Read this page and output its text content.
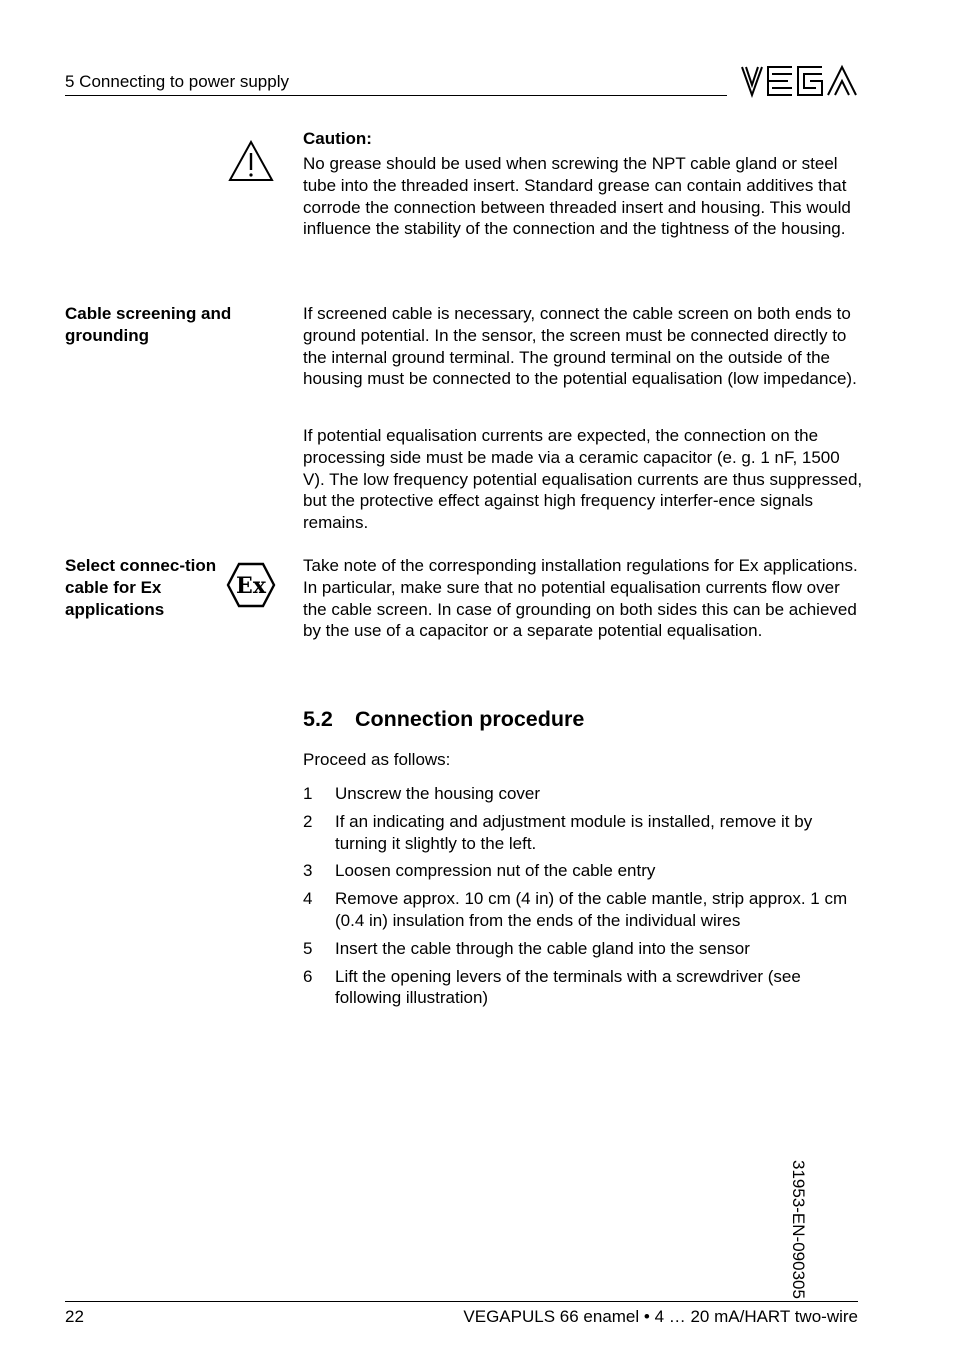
5 Connecting to power supply
Caution:
No grease should be used when screwing the NPT cable gland or steel tube into the threaded insert. Standard grease can contain additives that corrode the connection between threaded insert and housing. This would influence the stability of the connection and the tightness of the housing.
Cable screening and grounding
If screened cable is necessary, connect the cable screen on both ends to ground potential. In the sensor, the screen must be connected directly to the internal ground terminal. The ground terminal on the outside of the housing must be connected to the potential equalisation (low impedance).
If potential equalisation currents are expected, the connection on the processing side must be made via a ceramic capacitor (e. g. 1 nF, 1500 V). The low frequency potential equalisation currents are thus suppressed, but the protective effect against high frequency interfer-ence signals remains.
Select connec-tion cable for Ex applications
Ex
Take note of the corresponding installation regulations for Ex applications. In particular, make sure that no potential equalisation currents flow over the cable screen. In case of grounding on both sides this can be achieved by the use of a capacitor or a separate potential equalisation.
5.2 Connection procedure
Proceed as follows:
1	Unscrew the housing cover
2	If an indicating and adjustment module is installed, remove it by turning it slightly to the left.
3	Loosen compression nut of the cable entry
4	Remove approx. 10 cm (4 in) of the cable mantle, strip approx. 1 cm (0.4 in) insulation from the ends of the individual wires
5	Insert the cable through the cable gland into the sensor
6	Lift the opening levers of the terminals with a screwdriver (see following illustration)
31953-EN-090305
22	VEGAPULS 66 enamel • 4 … 20 mA/HART two-wire
